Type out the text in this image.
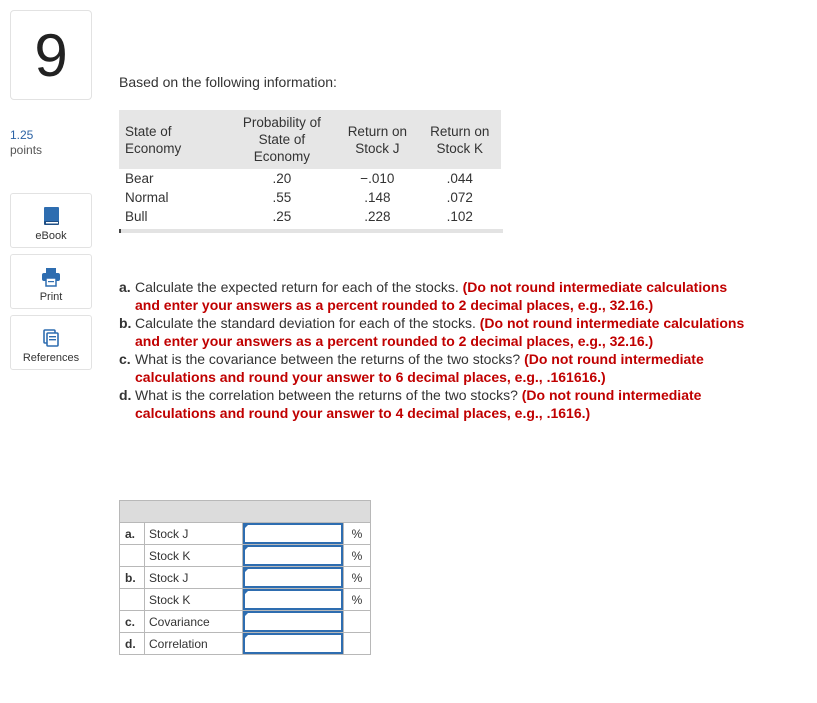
9
1.25
points
eBook
Print
References
Based on the following information:
State of Economy	Probability of State of Economy	Return on Stock J	Return on Stock K
Bear	.20	−.010	.044
Normal	.55	.148	.072
Bull	.25	.228	.102

a. Calculate the expected return for each of the stocks. (Do not round intermediate calculations and enter your answers as a percent rounded to 2 decimal places, e.g., 32.16.)

b. Calculate the standard deviation for each of the stocks. (Do not round intermediate calculations and enter your answers as a percent rounded to 2 decimal places, e.g., 32.16.)

c. What is the covariance between the returns of the two stocks? (Do not round intermediate calculations and round your answer to 6 decimal places, e.g., .161616.)

d. What is the correlation between the returns of the two stocks? (Do not round intermediate calculations and round your answer to 4 decimal places, e.g., .1616.)

a.	Stock J		%
	Stock K		%
b.	Stock J		%
	Stock K		%
c.	Covariance	

d.	Correlation	
